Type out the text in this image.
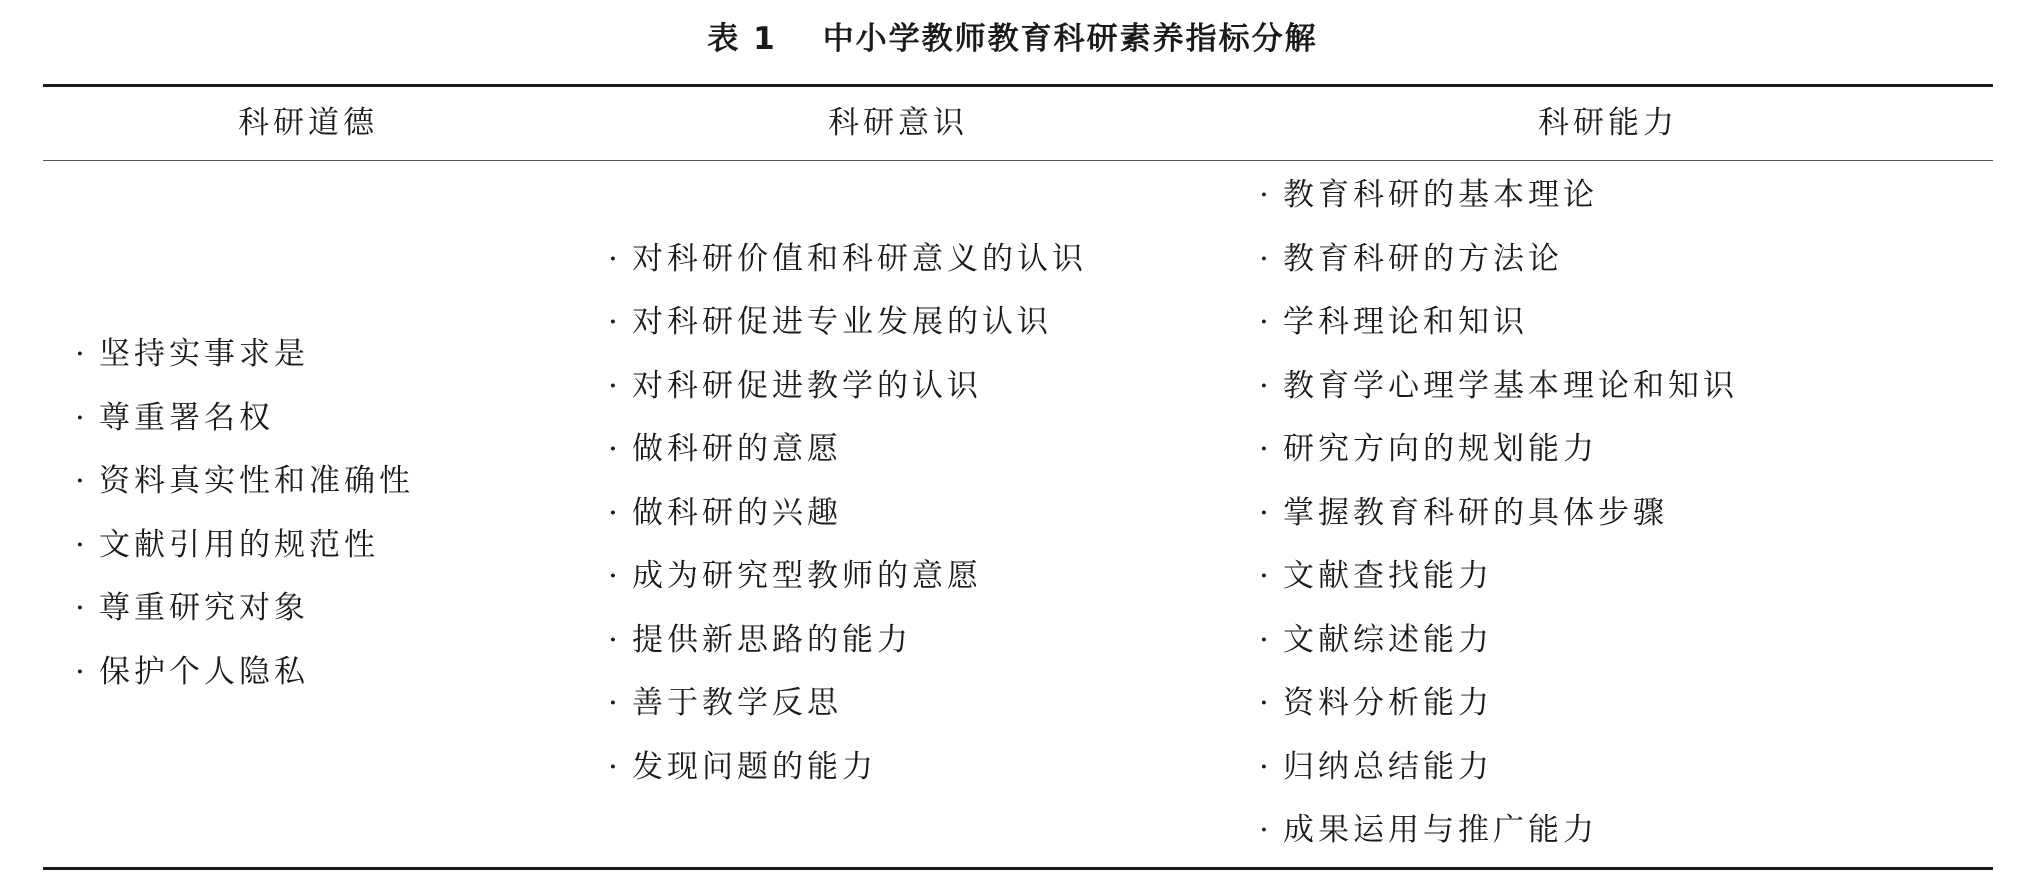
表 1 中小学教师教育科研素养指标分解
科研道德	科研意识	科研能力
· 坚持实事求是
· 尊重署名权
· 资料真实性和准确性
· 文献引用的规范性
· 尊重研究对象
· 保护个人隐私
· 对科研价值和科研意义的认识
· 对科研促进专业发展的认识
· 对科研促进教学的认识
· 做科研的意愿
· 做科研的兴趣
· 成为研究型教师的意愿
· 提供新思路的能力
· 善于教学反思
· 发现问题的能力
· 教育科研的基本理论
· 教育科研的方法论
· 学科理论和知识
· 教育学心理学基本理论和知识
· 研究方向的规划能力
· 掌握教育科研的具体步骤
· 文献查找能力
· 文献综述能力
· 资料分析能力
· 归纳总结能力
· 成果运用与推广能力
